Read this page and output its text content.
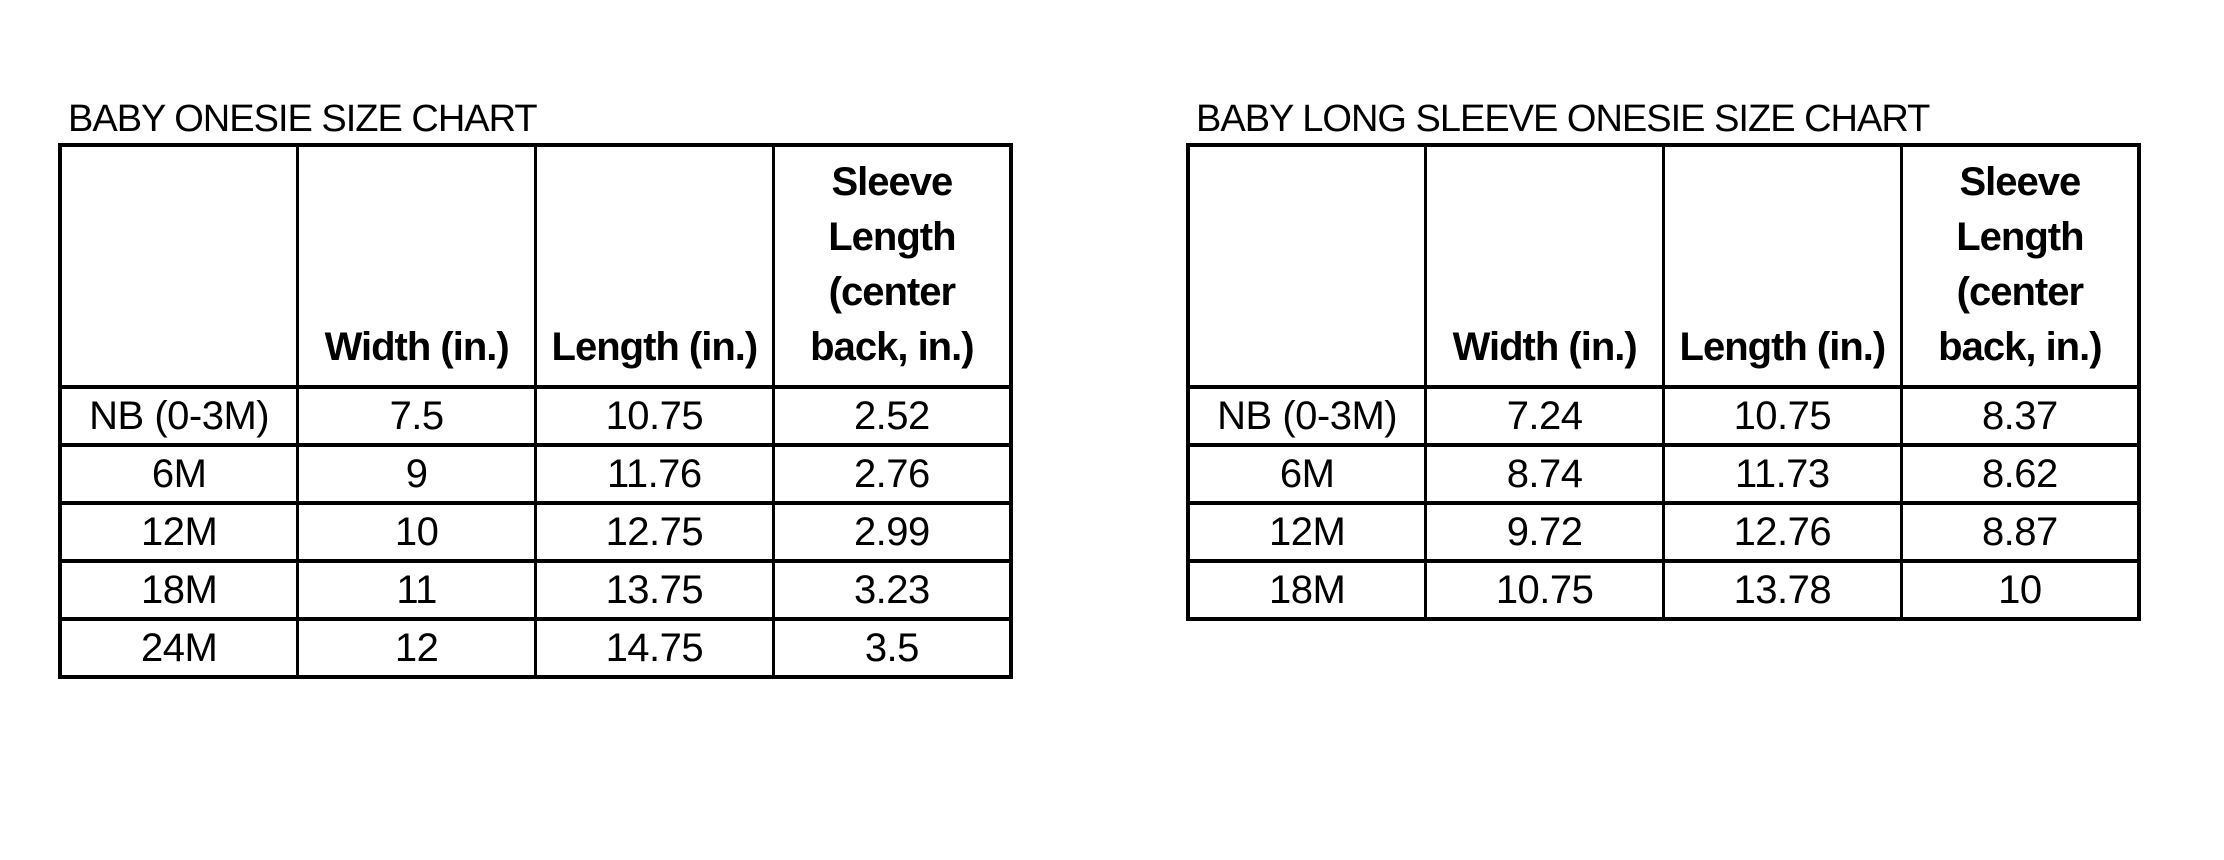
BABY ONESIE SIZE CHART
	Width (in.)	Length (in.)	Sleeve Length (center back, in.)
NB (0-3M)	7.5	10.75	2.52
6M	9	11.76	2.76
12M	10	12.75	2.99
18M	11	13.75	3.23
24M	12	14.75	3.5
BABY LONG SLEEVE ONESIE SIZE CHART
	Width (in.)	Length (in.)	Sleeve Length (center back, in.)
NB (0-3M)	7.24	10.75	8.37
6M	8.74	11.73	8.62
12M	9.72	12.76	8.87
18M	10.75	13.78	10
